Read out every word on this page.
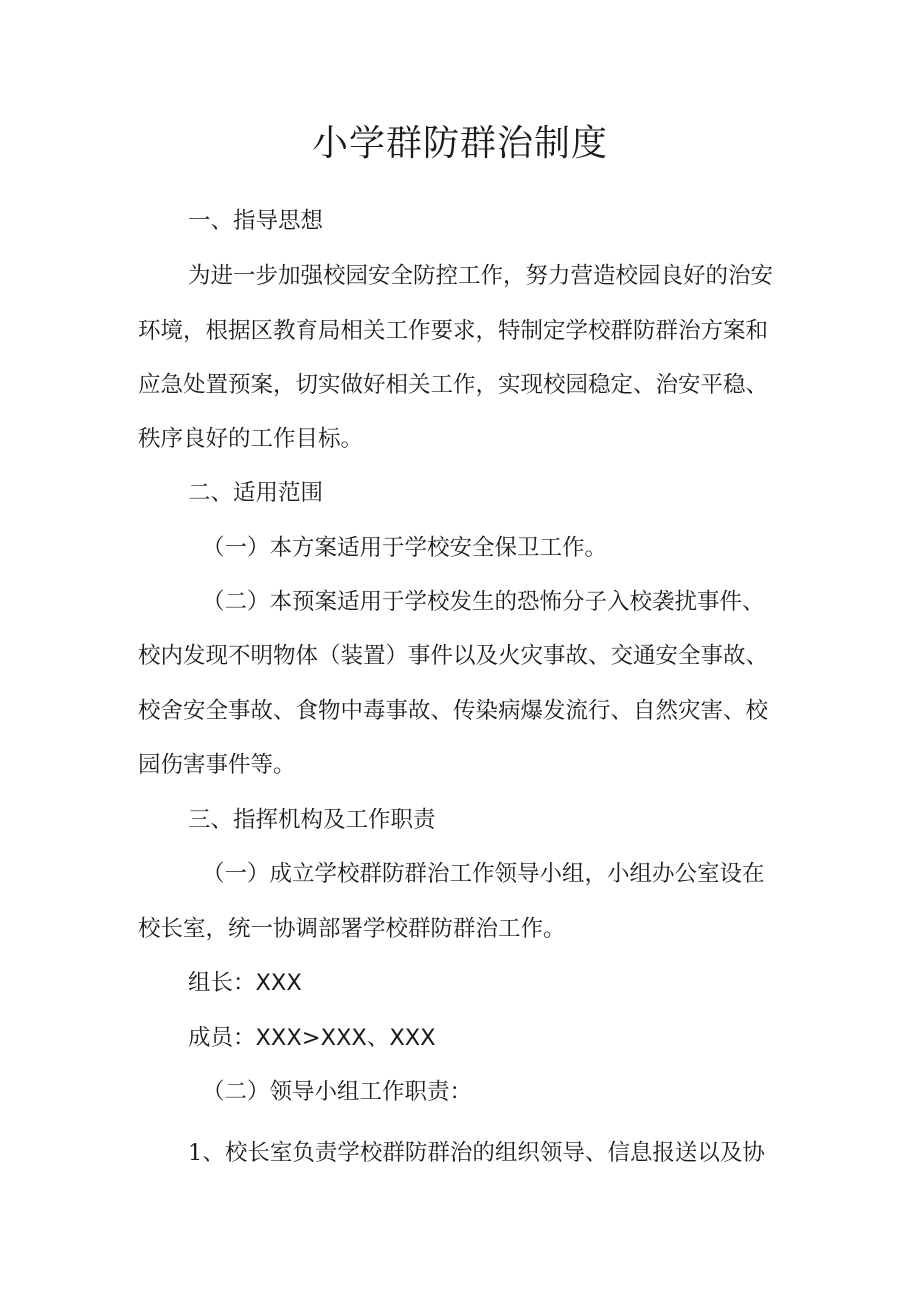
小学群防群治制度
一、指导思想
为进一步加强校园安全防控工作，努力营造校园良好的治安
环境，根据区教育局相关工作要求，特制定学校群防群治方案和
应急处置预案，切实做好相关工作，实现校园稳定、治安平稳、
秩序良好的工作目标。
二、适用范围
（一）本方案适用于学校安全保卫工作。
（二）本预案适用于学校发生的恐怖分子入校袭扰事件、
校内发现不明物体（装置）事件以及火灾事故、交通安全事故、
校舍安全事故、食物中毒事故、传染病爆发流行、自然灾害、校
园伤害事件等。
三、指挥机构及工作职责
（一）成立学校群防群治工作领导小组，小组办公室设在
校长室，统一协调部署学校群防群治工作。
组长：XXX
成员：XXX>XXX、XXX
（二）领导小组工作职责：
1、校长室负责学校群防群治的组织领导、信息报送以及协
